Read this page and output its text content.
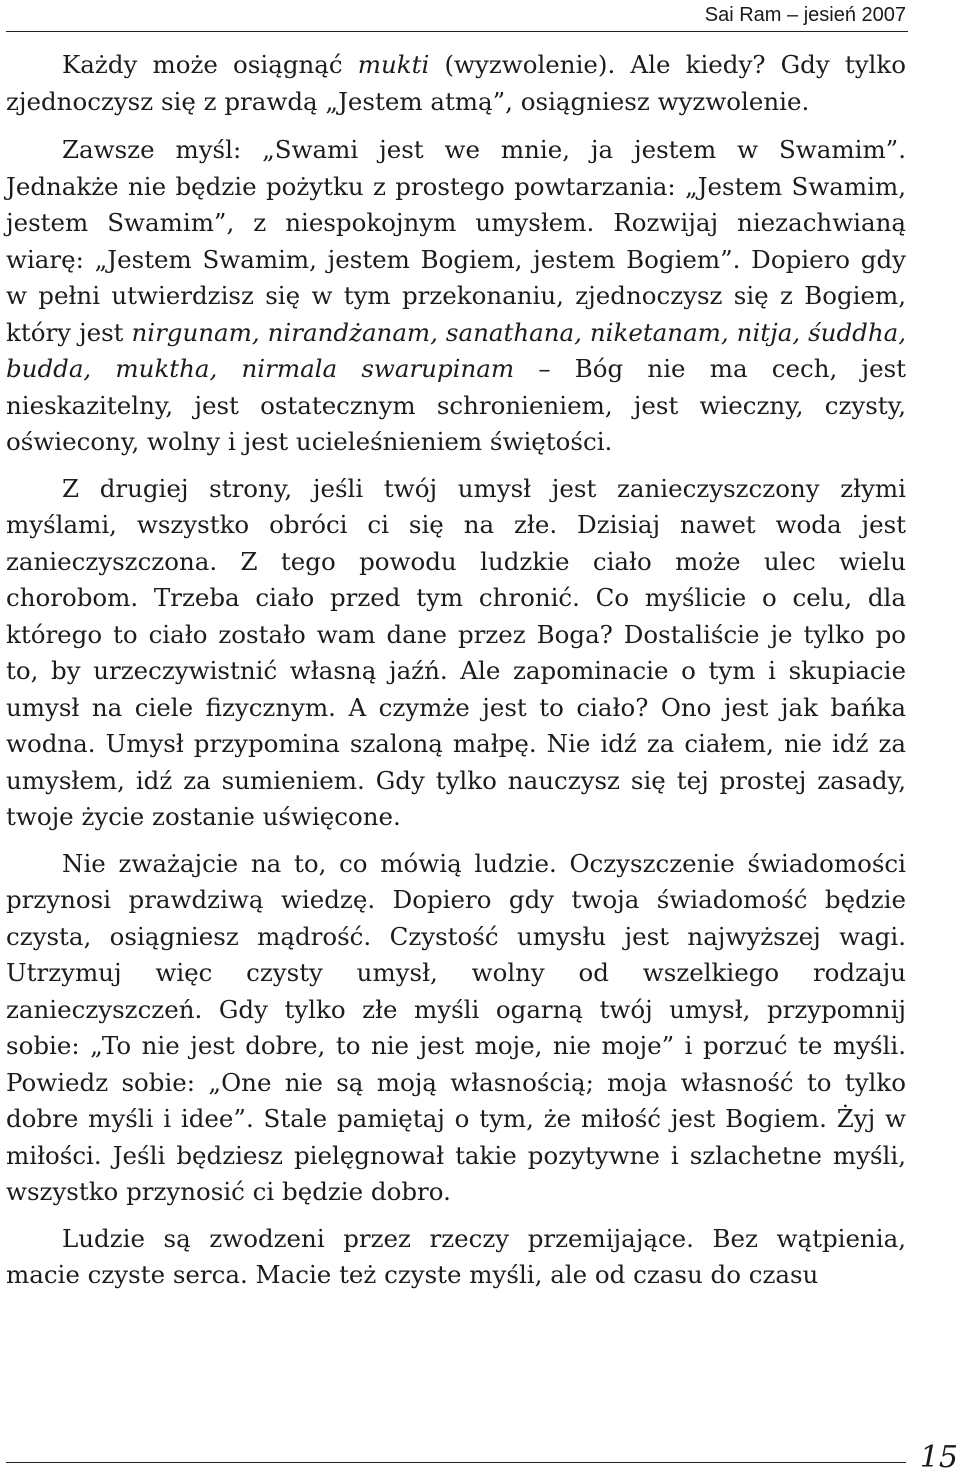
Sai Ram – jesień 2007

Każdy może osiągnąć mukti (wyzwolenie). Ale kiedy? Gdy tylko zjednoczysz się z prawdą „Jestem atmą”, osiągniesz wyzwolenie.

Zawsze myśl: „Swami jest we mnie, ja jestem w Swamim”. Jednakże nie będzie pożytku z prostego powtarzania: „Jestem Swamim, jestem Swamim”, z niespokojnym umysłem. Rozwijaj niezachwianą wiarę: „Jestem Swamim, jestem Bogiem, jestem Bogiem”. Dopiero gdy w pełni utwierdzisz się w tym przekonaniu, zjednoczysz się z Bogiem, który jest nirgunam, nirandżanam, sanathana, niketanam, nitja, śuddha, budda, muktha, nirmala swarupinam – Bóg nie ma cech, jest nieskazitelny, jest ostatecznym schronieniem, jest wieczny, czysty, oświecony, wolny i jest ucieleśnieniem świętości.

Z drugiej strony, jeśli twój umysł jest zanieczyszczony złymi myślami, wszystko obróci ci się na złe. Dzisiaj nawet woda jest zanieczyszczona. Z tego powodu ludzkie ciało może ulec wielu chorobom. Trzeba ciało przed tym chronić. Co myślicie o celu, dla którego to ciało zostało wam dane przez Boga? Dostaliście je tylko po to, by urzeczywistnić własną jaźń. Ale zapominacie o tym i skupiacie umysł na ciele fizycznym. A czymże jest to ciało? Ono jest jak bańka wodna. Umysł przypomina szaloną małpę. Nie idź za ciałem, nie idź za umysłem, idź za sumieniem. Gdy tylko nauczysz się tej prostej zasady, twoje życie zostanie uświęcone.

Nie zważajcie na to, co mówią ludzie. Oczyszczenie świadomości przynosi prawdziwą wiedzę. Dopiero gdy twoja świadomość będzie czysta, osiągniesz mądrość. Czystość umysłu jest najwyższej wagi. Utrzymuj więc czysty umysł, wolny od wszelkiego rodzaju zanieczyszczeń. Gdy tylko złe myśli ogarną twój umysł, przypomnij sobie: „To nie jest dobre, to nie jest moje, nie moje” i porzuć te myśli. Powiedz sobie: „One nie są moją własnością; moja własność to tylko dobre myśli i idee”. Stale pamiętaj o tym, że miłość jest Bogiem. Żyj w miłości. Jeśli będziesz pielęgnował takie pozytywne i szlachetne myśli, wszystko przynosić ci będzie dobro.

Ludzie są zwodzeni przez rzeczy przemijające. Bez wątpienia, macie czyste serca. Macie też czyste myśli, ale od czasu do czasu

15
